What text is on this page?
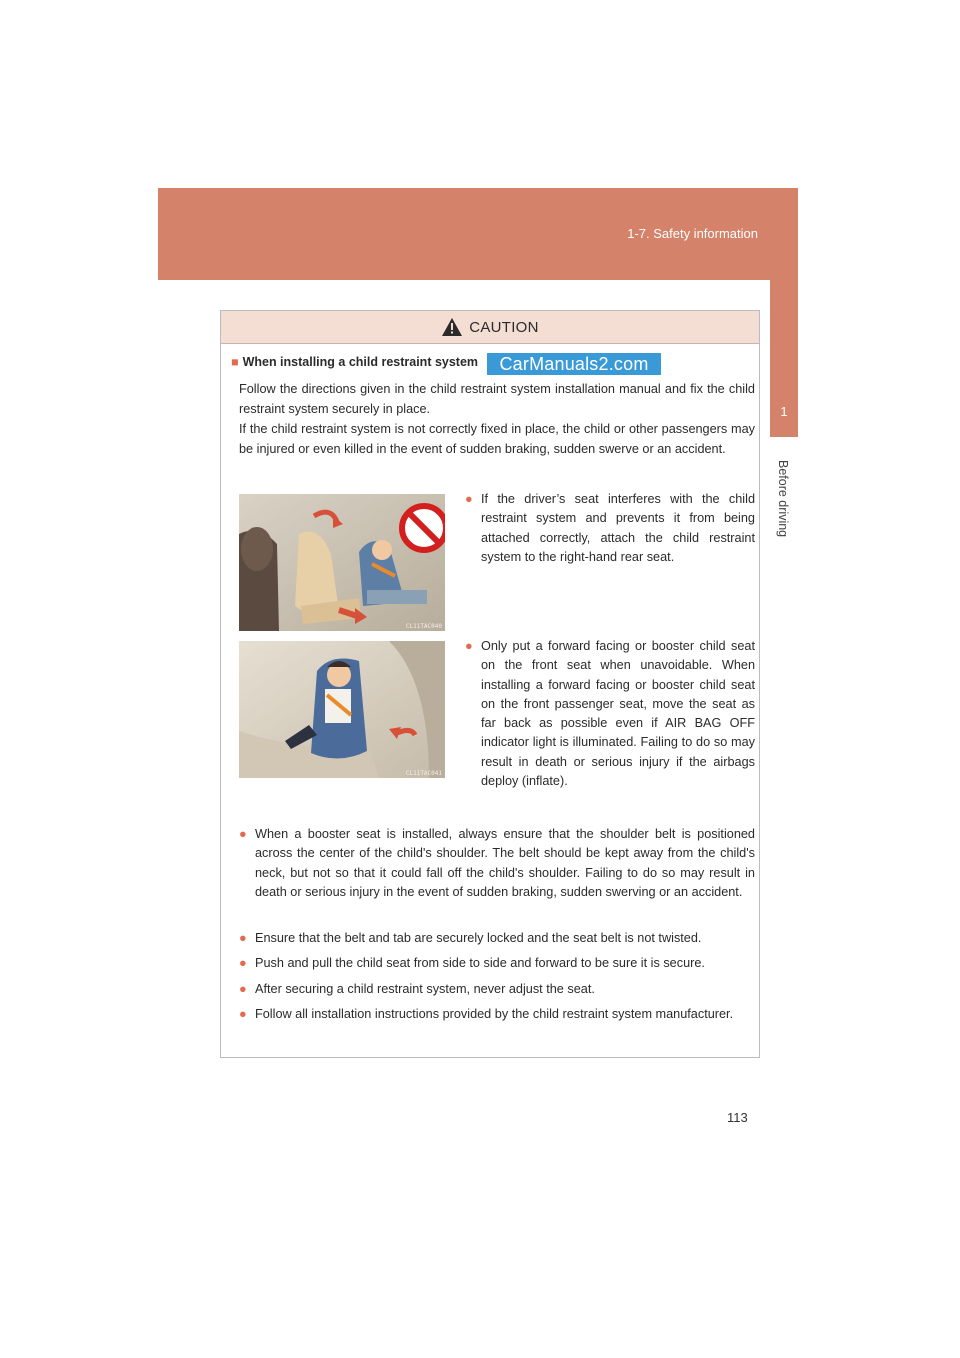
1-7. Safety information
1
Before driving
CAUTION
■ When installing a child restraint system	CarManuals2.com

Follow the directions given in the child restraint system installation manual and fix the child restraint system securely in place.

If the child restraint system is not correctly fixed in place, the child or other passengers may be injured or even killed in the event of sudden braking, sudden swerve or an accident.

CL11TAC040
CL11TAC041
● If the driver’s seat interferes with the child restraint system and prevents it from being attached correctly, attach the child restraint system to the right-hand rear seat.
● Only put a forward facing or booster child seat on the front seat when unavoidable. When installing a forward facing or booster child seat on the front passenger seat, move the seat as far back as possible even if AIR BAG OFF indicator light is illuminated. Failing to do so may result in death or serious injury if the airbags deploy (inflate).
● When a booster seat is installed, always ensure that the shoulder belt is positioned across the center of the child's shoulder. The belt should be kept away from the child's neck, but not so that it could fall off the child's shoulder. Failing to do so may result in death or serious injury in the event of sudden braking, sudden swerving or an accident.
● Ensure that the belt and tab are securely locked and the seat belt is not twisted.
● Push and pull the child seat from side to side and forward to be sure it is secure.
● After securing a child restraint system, never adjust the seat.
● Follow all installation instructions provided by the child restraint system manufacturer.
113
